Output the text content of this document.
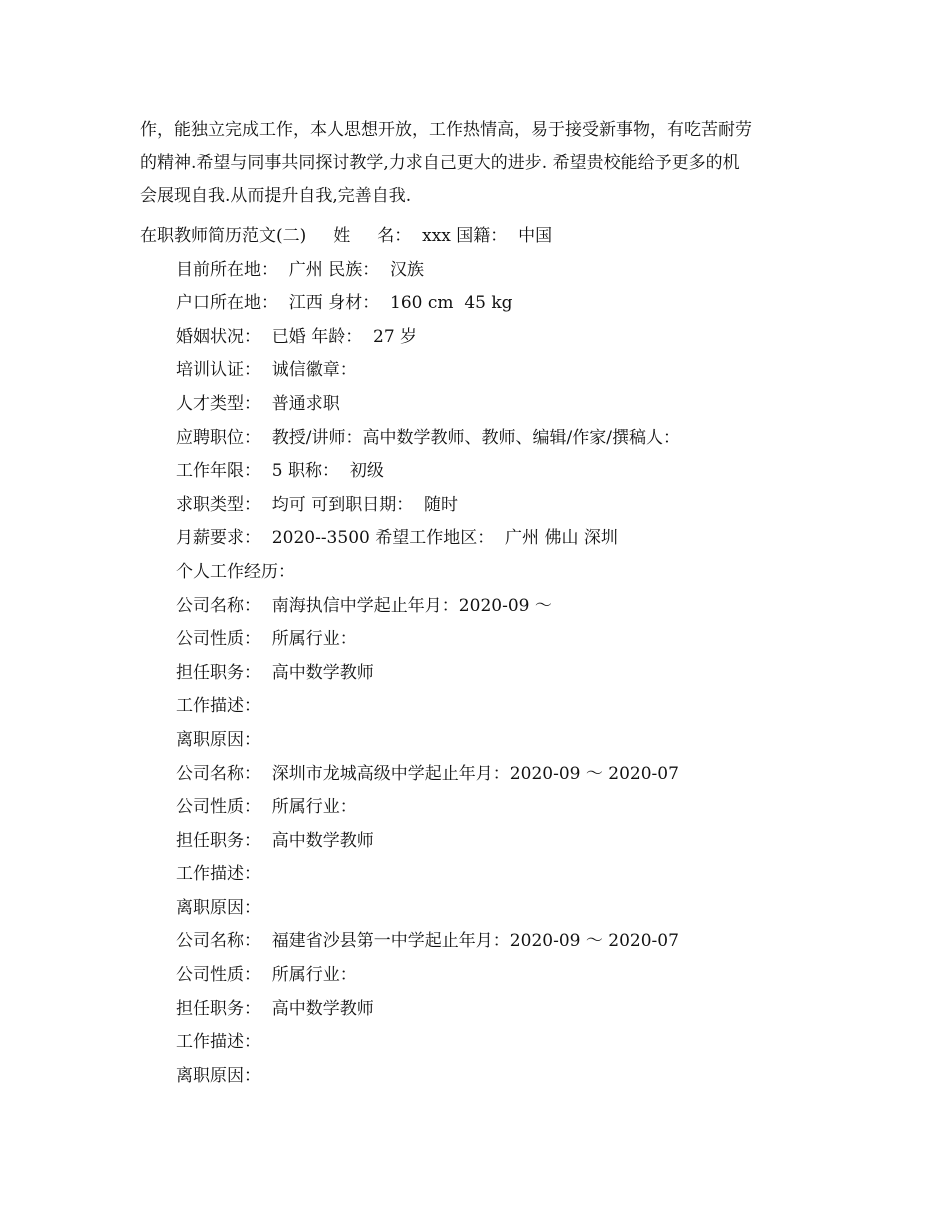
作，能独立完成工作，本人思想开放，工作热情高，易于接受新事物，有吃苦耐劳
的精神.希望与同事共同探讨教学,力求自己更大的进步. 希望贵校能给予更多的机
会展现自我.从而提升自我,完善自我.

在职教师简历范文(二)     姓     名：  xxx 国籍：  中国
目前所在地：  广州 民族：  汉族
户口所在地：  江西 身材：  160 cm  45 kg
婚姻状况：  已婚 年龄：  27 岁
培训认证：  诚信徽章：
人才类型：  普通求职
应聘职位：  教授/讲师：高中数学教师、教师、编辑/作家/撰稿人：
工作年限：  5 职称：  初级
求职类型：  均可 可到职日期：  随时
月薪要求：  2020--3500 希望工作地区：  广州 佛山 深圳
个人工作经历：
公司名称：  南海执信中学起止年月：2020-09 ～
公司性质：  所属行业：
担任职务：  高中数学教师
工作描述：
离职原因：
公司名称：  深圳市龙城高级中学起止年月：2020-09 ～ 2020-07
公司性质：  所属行业：
担任职务：  高中数学教师
工作描述：
离职原因：
公司名称：  福建省沙县第一中学起止年月：2020-09 ～ 2020-07
公司性质：  所属行业：
担任职务：  高中数学教师
工作描述：
离职原因：
